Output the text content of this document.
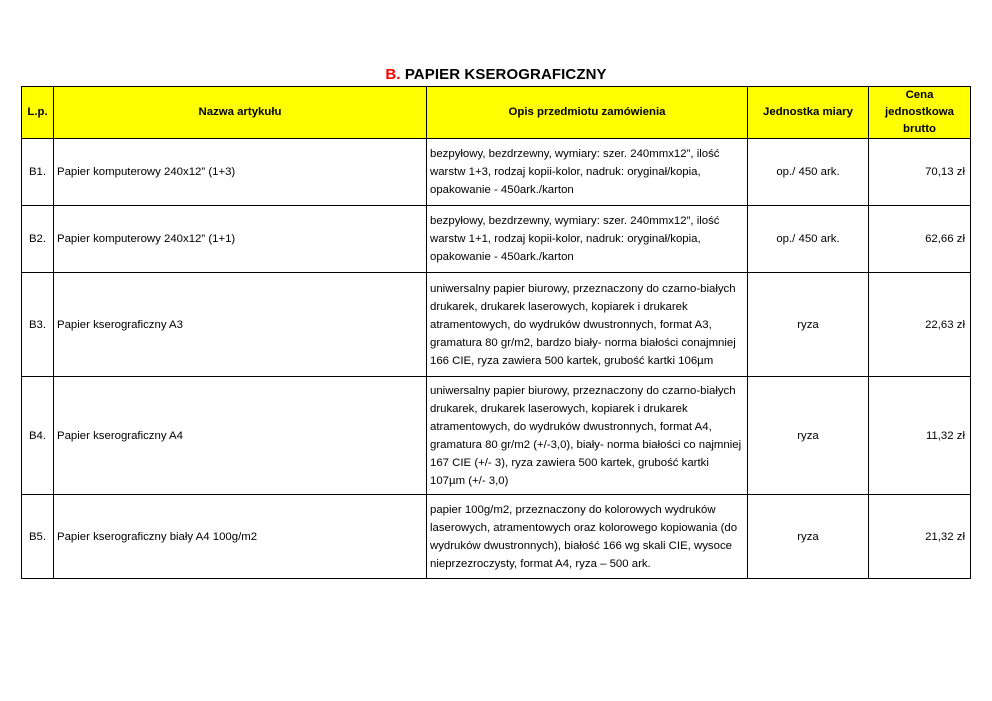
B. PAPIER KSEROGRAFICZNY
L.p.	Nazwa artykułu	Opis przedmiotu zamówienia	Jednostka miary	Cena jednostkowa brutto
B1.	Papier komputerowy 240x12” (1+3)	bezpyłowy, bezdrzewny, wymiary: szer. 240mmx12”, ilość warstw 1+3, rodzaj kopii-kolor, nadruk: oryginał/kopia, opakowanie - 450ark./karton	op./ 450 ark.	70,13 zł
B2.	Papier komputerowy 240x12” (1+1)	bezpyłowy, bezdrzewny, wymiary: szer. 240mmx12”, ilość warstw 1+1, rodzaj kopii-kolor, nadruk: oryginał/kopia, opakowanie - 450ark./karton	op./ 450 ark.	62,66 zł
B3.	Papier kserograficzny A3	uniwersalny papier biurowy, przeznaczony do czarno-białych drukarek, drukarek laserowych, kopiarek i drukarek atramentowych, do wydruków dwustronnych, format A3, gramatura 80 gr/m2, bardzo biały- norma białości conajmniej 166 CIE, ryza zawiera 500 kartek, grubość kartki 106µm	ryza	22,63 zł
B4.	Papier kserograficzny A4	uniwersalny papier biurowy, przeznaczony do czarno-białych drukarek, drukarek laserowych, kopiarek i drukarek atramentowych, do wydruków dwustronnych, format A4, gramatura 80 gr/m2 (+/-3,0), biały- norma białości co najmniej 167 CIE (+/- 3), ryza zawiera 500 kartek, grubość kartki 107µm (+/- 3,0)	ryza	11,32 zł
B5.	Papier kserograficzny biały A4 100g/m2	papier 100g/m2, przeznaczony do kolorowych wydruków laserowych, atramentowych oraz kolorowego kopiowania (do wydruków dwustronnych), białość 166 wg skali CIE, wysoce nieprzezroczysty, format A4, ryza – 500 ark.	ryza	21,32 zł
